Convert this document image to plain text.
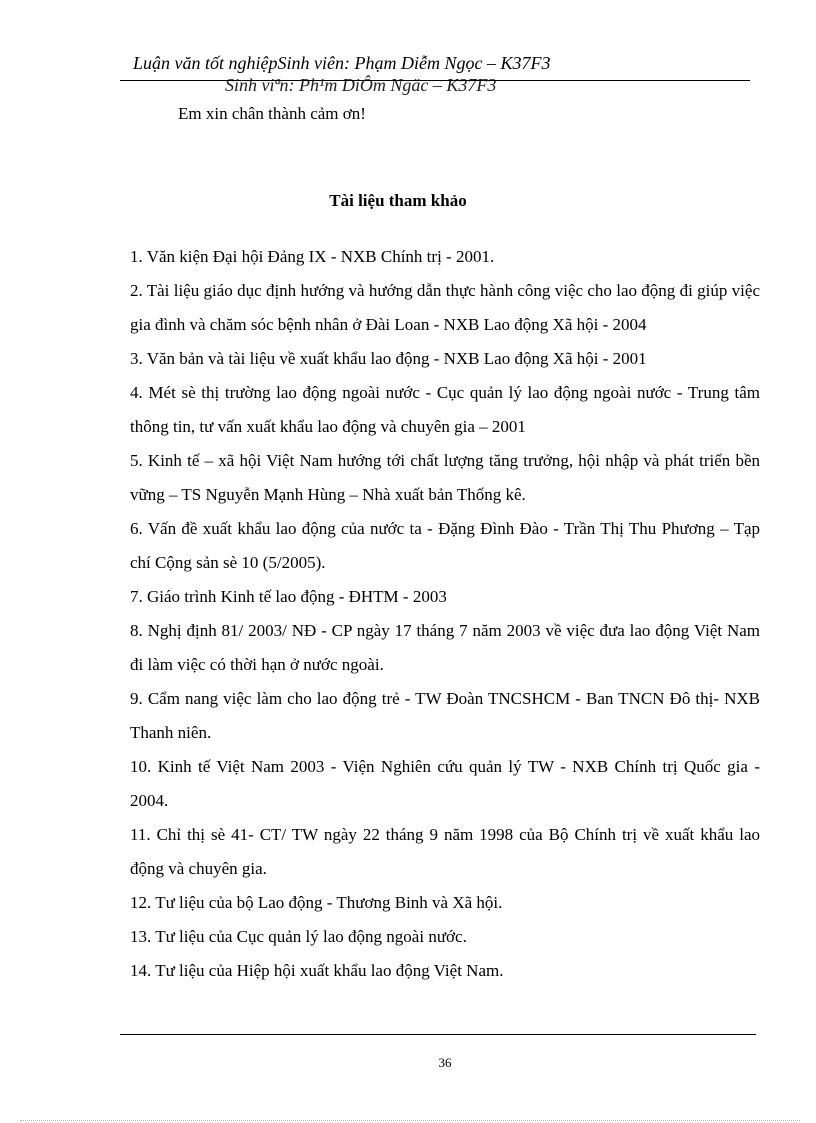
Luận văn tốt nghiệpSinh viên: Phạm Diễm Ngọc – K37F3
Sinh viªn: Ph¹m DiÔm Ngäc – K37F3
Em xin chân thành cảm ơn!
Tài liệu tham khảo
1. Văn kiện Đại hội Đảng IX - NXB Chính trị - 2001.
2. Tài liệu giáo dục định hướng và hướng dẫn thực hành công việc cho lao động đi giúp việc gia đình và chăm sóc bệnh nhân ở Đài Loan - NXB Lao động Xã hội - 2004
3. Văn bản và tài liệu về xuất khẩu lao động - NXB Lao động Xã hội - 2001
4. Mét sè thị trường lao động ngoài nước - Cục quản lý lao động ngoài nước - Trung tâm thông tin, tư vấn xuất khẩu lao động và chuyên gia – 2001
5. Kinh tế – xã hội Việt Nam hướng tới chất lượng tăng trưởng, hội nhập và phát triển bền vững – TS Nguyễn Mạnh Hùng – Nhà xuất bản Thống kê.
6. Vấn đề xuất khẩu lao động của nước ta - Đặng Đình Đào - Trần Thị Thu Phương – Tạp chí Cộng sản sè 10 (5/2005).
7. Giáo trình Kinh tế lao động - ĐHTM - 2003
8. Nghị định 81/ 2003/ NĐ - CP ngày 17 tháng 7 năm 2003 về việc đưa lao động Việt Nam đi làm việc có thời hạn ở nước ngoài.
9. Cẩm nang việc làm cho lao động trẻ - TW Đoàn TNCSHCM - Ban TNCN Đô thị- NXB Thanh niên.
10. Kinh tế Việt Nam 2003 - Viện Nghiên cứu quản lý TW - NXB Chính trị Quốc gia - 2004.
11. Chỉ thị sè 41- CT/ TW ngày 22 tháng 9 năm 1998 của Bộ Chính trị về xuất khẩu lao động và chuyên gia.
12. Tư liệu của bộ Lao động - Thương Binh và Xã hội.
13. Tư liệu của Cục quản lý lao động ngoài nước.
14. Tư liệu của Hiệp hội xuất khẩu lao động Việt Nam.
36
